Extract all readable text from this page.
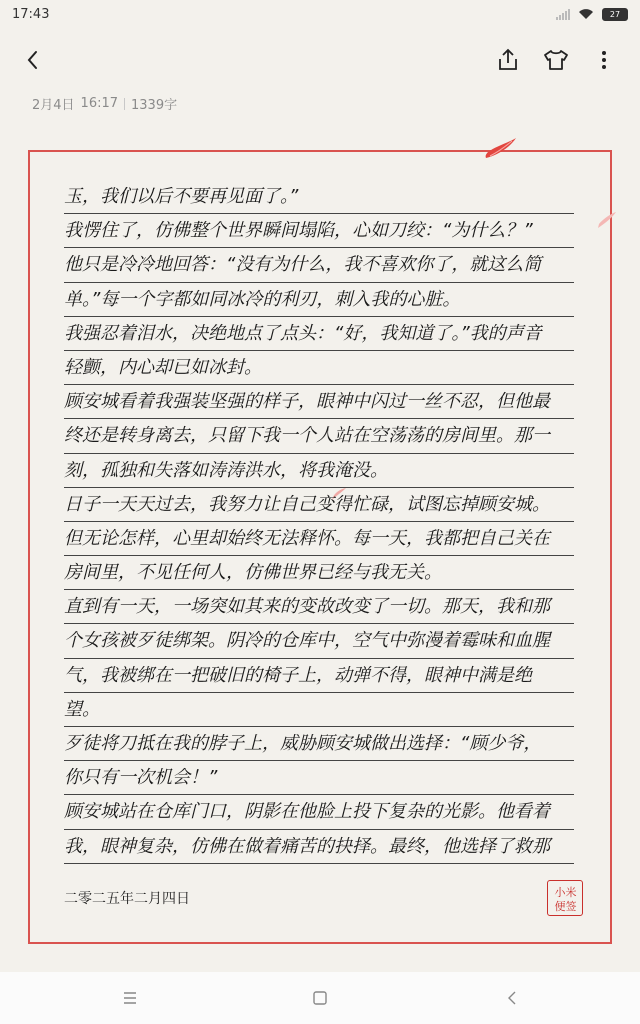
17:43	27
2月4日 16:17 1339字
玉，我们以后不要再见面了。”
我愣住了，仿佛整个世界瞬间塌陷，心如刀绞：“为什么？”
他只是冷冷地回答：“没有为什么，我不喜欢你了，就这么简
单。”每一个字都如同冰冷的利刃，刺入我的心脏。
我强忍着泪水，决绝地点了点头：“好，我知道了。”我的声音
轻颤，内心却已如冰封。
顾安城看着我强装坚强的样子，眼神中闪过一丝不忍，但他最
终还是转身离去，只留下我一个人站在空荡荡的房间里。那一
刻，孤独和失落如涛涛洪水，将我淹没。
日子一天天过去，我努力让自己变得忙碌，试图忘掉顾安城。
但无论怎样，心里却始终无法释怀。每一天，我都把自己关在
房间里，不见任何人，仿佛世界已经与我无关。
直到有一天，一场突如其来的变故改变了一切。那天，我和那
个女孩被歹徒绑架。阴冷的仓库中，空气中弥漫着霉味和血腥
气，我被绑在一把破旧的椅子上，动弹不得，眼神中满是绝
望。
歹徒将刀抵在我的脖子上，威胁顾安城做出选择：“顾少爷，
你只有一次机会！”
顾安城站在仓库门口，阴影在他脸上投下复杂的光影。他看着
我，眼神复杂，仿佛在做着痛苦的抉择。最终，他选择了救那
二零二五年二月四日	小米
便签
